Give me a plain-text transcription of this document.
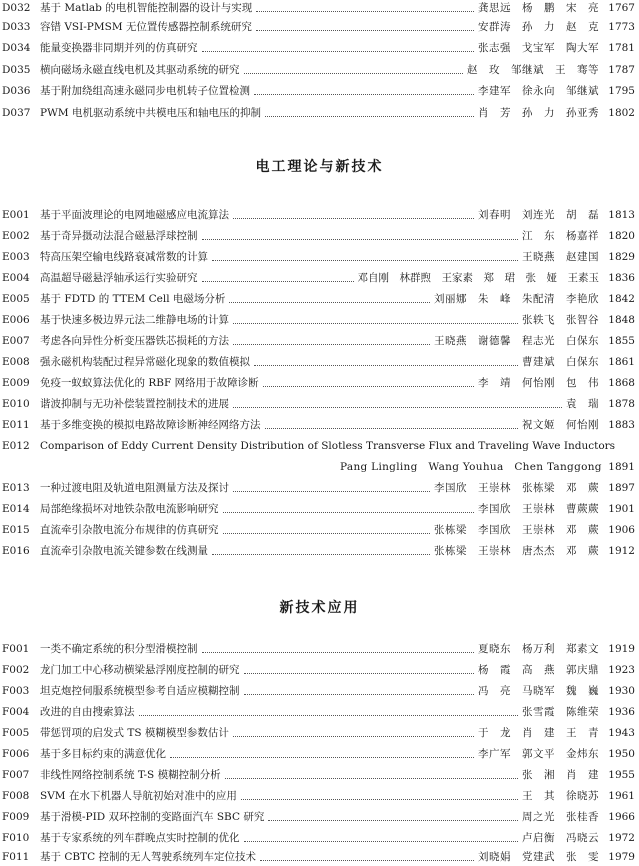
D032 基于 Matlab 的电机智能控制器的设计与实现	龚思远　杨　鹏　宋　亮 1767
D033 容错 VSI-PMSM 无位置传感器控制系统研究	安群涛　孙　力　赵　克 1773
D034 能量变换器非同期并列的仿真研究	张志强　戈宝军　陶大军 1781
D035 横向磁场永磁直线电机及其驱动系统的研究	赵　玫　邹继斌　王　骞等 1787
D036 基于附加绕组高速永磁同步电机转子位置检测	李建军　徐永向　邹继斌 1795
D037 PWM 电机驱动系统中共模电压和轴电压的抑制	肖　芳　孙　力　孙亚秀 1802
电工理论与新技术
E001 基于平面波理论的电网地磁感应电流算法	刘春明　刘连光　胡　磊 1813
E002 基于奇异摄动法混合磁悬浮球控制	江　东　杨嘉祥 1820
E003 特高压架空输电线路衰减常数的计算	王晓燕　赵建国 1829
E004 高温超导磁悬浮轴承运行实验研究	邓自刚　林群煦　王家素　郑　珺　张　娅　王素玉 1836
E005 基于 FDTD 的 TTEM Cell 电磁场分析	刘丽娜　朱　峰　朱配清　李艳欣 1842
E006 基于快速多极边界元法二维静电场的计算	张轶飞　张智谷 1848
E007 考虑各向异性分析变压器铁芯损耗的方法	王晓燕　谢德馨　程志光　白保东 1855
E008 强永磁机构装配过程异常磁化现象的数值模拟	曹建斌　白保东 1861
E009 免疫一蚁蚁算法优化的 RBF 网络用于故障诊断	李　靖　何怡刚　包　伟 1868
E010 谐波抑制与无功补偿装置控制技术的进展	袁　瑞 1878
E011 基于多维变换的模拟电路故障诊断神经网络方法	祝文姬　何怡刚 1883
E012 Comparison of Eddy Current Density Distribution of Slotless Transverse Flux and Traveling Wave Inductors
Pang Lingling　Wang Youhua　Chen Tanggong 1891
E013 一种过渡电阻及轨道电阻测量方法及探讨	李国欣　王崇林　张栋梁　邓　蕨 1897
E014 局部绝缘损坏对地铁杂散电流影响研究	李国欣　王崇林　曹蕨蕨 1901
E015 直流牵引杂散电流分布规律的仿真研究	张栋梁　李国欣　王崇林　邓　蕨 1906
E016 直流牵引杂散电流关键参数在线测量	张栋梁　王崇林　唐杰杰　邓　蕨 1912
新技术应用
F001	一类不确定系统的积分型滑模控制	夏晓东　杨万利　郑素文 1919
F002	龙门加工中心移动横梁悬浮刚度控制的研究	杨　霞　高　燕　郭庆鼎 1923
F003	坦克炮控伺服系统模型参考自适应模糊控制	冯　亮　马晓军　魏　巍 1930
F004	改进的自由搜索算法	张雪霞　陈维荣 1936
F005	带惩罚项的启发式 TS 模糊模型参数估计	于　龙　肖　建　王　青 1943
F006	基于多目标约束的满意优化	李广军　郭文平　金炜东 1950
F007	非线性网络控制系统 T-S 模糊控制分析	张　湘　肖　建 1955
F008	SVM 在水下机器人导航初始对准中的应用	王　其　徐晓苏 1961
F009	基于滑模-PID 双环控制的变路面汽车 SBC 研究	周之光　张桂香 1966
F010	基于专家系统的列车群晚点实时控制的优化	卢启衡　冯晓云 1972
F011	基于 CBTC 控制的无人驾驶系统列车定位技术	刘晓娟　党建武　张　雯 1979
